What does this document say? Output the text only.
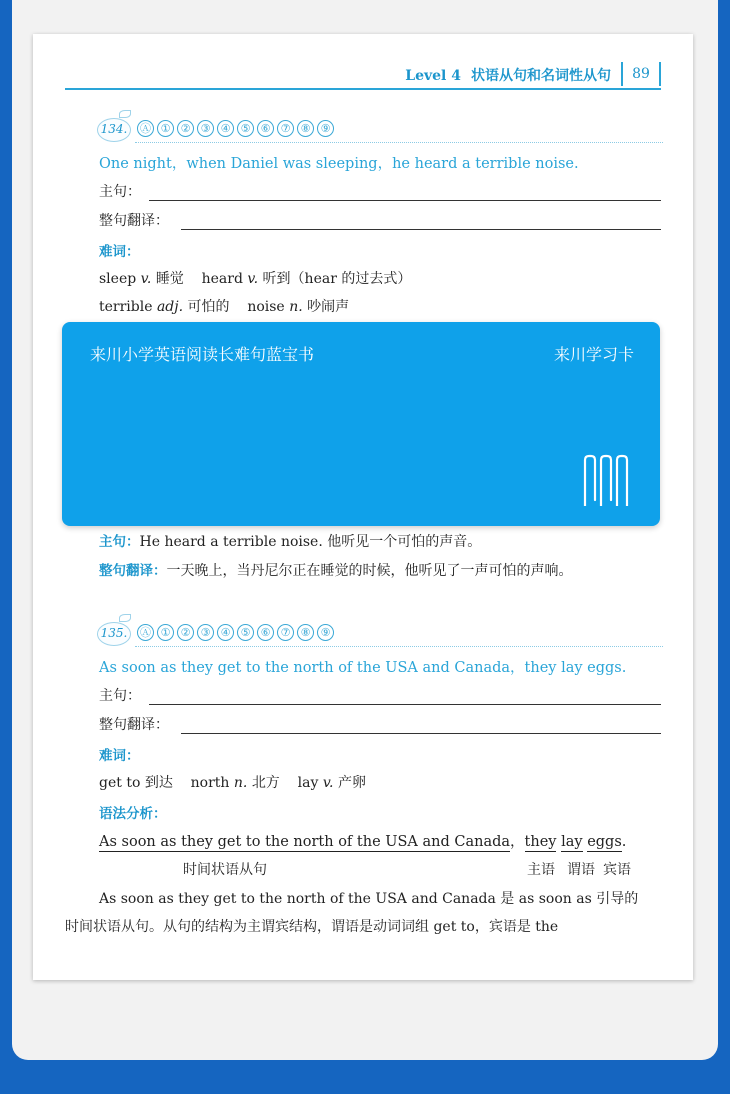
Level 4 状语从句和名词性从句	89
134.	Ⓐ ① ② ③ ④ ⑤ ⑥ ⑦ ⑧ ⑨
One night，when Daniel was sleeping，he heard a terrible noise.
主句：
整句翻译：
难词：
sleep v. 睡觉 heard v. 听到（hear 的过去式）
terrible adj. 可怕的 noise n. 吵闹声
主句：He heard a terrible noise. 他听见一个可怕的声音。
整句翻译：一天晚上，当丹尼尔正在睡觉的时候，他听见了一声可怕的声响。
135.	Ⓐ ① ② ③ ④ ⑤ ⑥ ⑦ ⑧ ⑨
As soon as they get to the north of the USA and Canada，they lay eggs.
主句：
整句翻译：
难词：
get to 到达 north n. 北方 lay v. 产卵
语法分析：
As soon as they get to the north of the USA and Canada，they lay eggs.
时间状语从句	主语 谓语 宾语
As soon as they get to the north of the USA and Canada 是 as soon as 引导的
时间状语从句。从句的结构为主谓宾结构，谓语是动词词组 get to，宾语是 the
来川小学英语阅读长难句蓝宝书	来川学习卡
